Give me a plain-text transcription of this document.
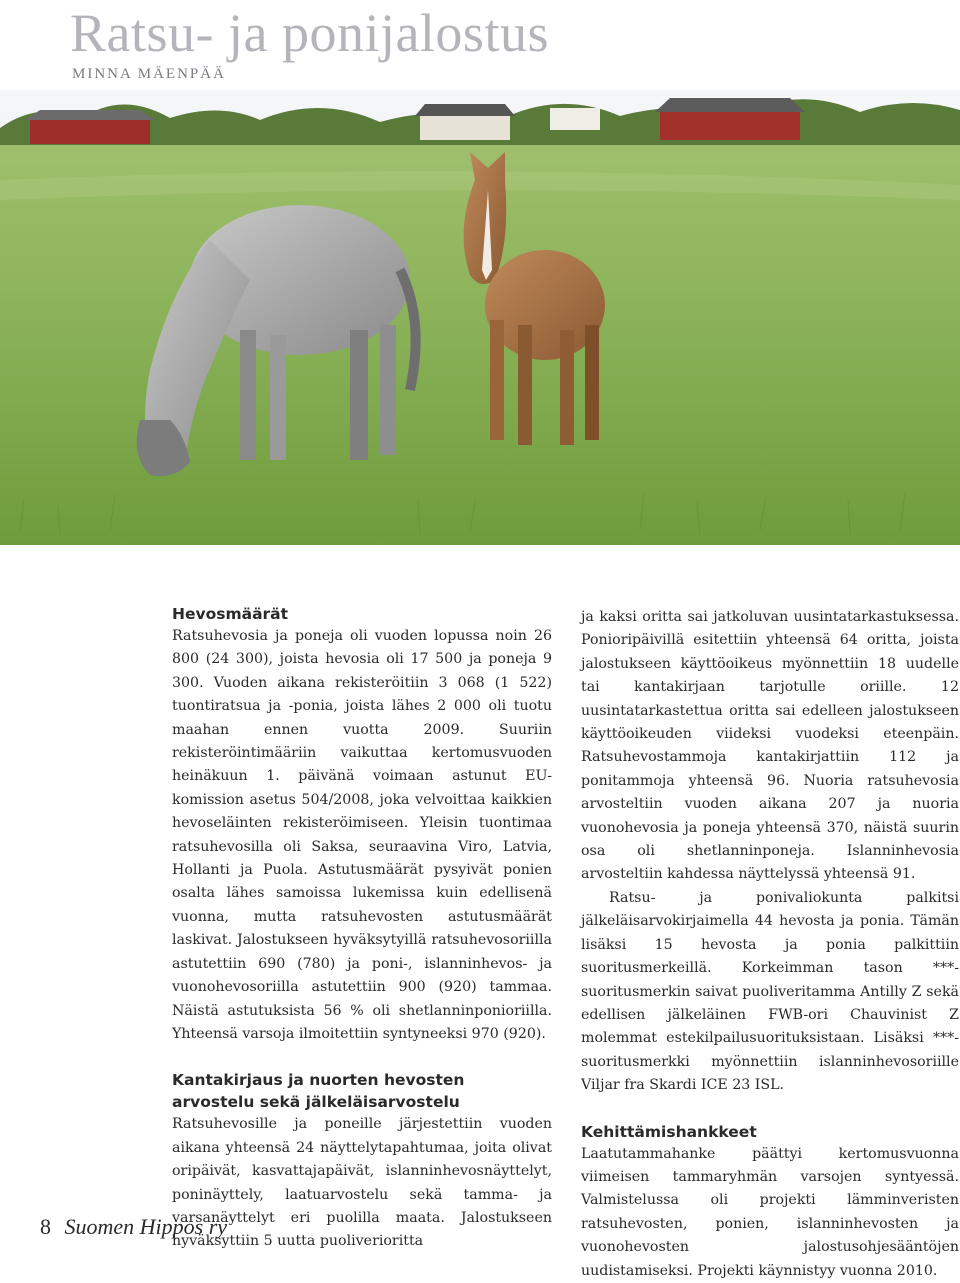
Ratsu- ja ponijalostus
MINNA MÄENPÄÄ
Hevosmäärät

Ratsuhevosia ja poneja oli vuoden lopussa noin 26 800 (24 300), joista hevosia oli 17 500 ja poneja 9 300. Vuoden aikana rekisteröitiin 3 068 (1 522) tuontiratsua ja -ponia, joista lähes 2 000 oli tuotu maahan ennen vuotta 2009. Suuriin rekisteröintimääriin vaikuttaa kertomusvuoden heinäkuun 1. päivänä voimaan astunut EU-komission asetus 504/2008, joka velvoittaa kaikkien hevoseläinten rekisteröimiseen. Yleisin tuontimaa ratsuhevosilla oli Saksa, seuraavina Viro, Latvia, Hollanti ja Puola. Astutusmäärät pysyivät ponien osalta lähes samoissa lukemissa kuin edellisenä vuonna, mutta ratsuhevosten astutusmäärät laskivat. Jalostukseen hyväksytyillä ratsuhevosoriilla astutettiin 690 (780) ja poni-, islanninhevos- ja vuonohevosoriilla astutettiin 900 (920) tammaa. Näistä astutuksista 56 % oli shetlanninponioriilla. Yhteensä varsoja ilmoitettiin syntyneeksi 970 (920).

Kantakirjaus ja nuorten hevosten arvostelu sekä jälkeläisarvostelu

Ratsuhevosille ja poneille järjestettiin vuoden aikana yhteensä 24 näyttelytapahtumaa, joita olivat oripäivät, kasvattajapäivät, islanninhevosnäyttelyt, poninäyttely, laatuarvostelu sekä tamma- ja varsanäyttelyt eri puolilla maata. Jalostukseen hyväksyttiin 5 uutta puoliverioritta

ja kaksi oritta sai jatkoluvan uusintatarkastuksessa. Ponioripäivillä esitettiin yhteensä 64 oritta, joista jalostukseen käyttöoikeus myönnettiin 18 uudelle tai kantakirjaan tarjotulle oriille. 12 uusintatarkastettua oritta sai edelleen jalostukseen käyttöoikeuden viideksi vuodeksi eteenpäin. Ratsuhevostammoja kantakirjattiin 112 ja ponitammoja yhteensä 96. Nuoria ratsuhevosia arvosteltiin vuoden aikana 207 ja nuoria vuonohevosia ja poneja yhteensä 370, näistä suurin osa oli shetlanninponeja. Islanninhevosia arvosteltiin kahdessa näyttelyssä yhteensä 91.

Ratsu- ja ponivaliokunta palkitsi jälkeläisarvokirjaimella 44 hevosta ja ponia. Tämän lisäksi 15 hevosta ja ponia palkittiin suoritusmerkeillä. Korkeimman tason ***-suoritusmerkin saivat puoliveritamma Antilly Z sekä edellisen jälkeläinen FWB-ori Chauvinist Z molemmat estekilpailusuorituksistaan. Lisäksi ***-suoritusmerkki myönnettiin islanninhevosoriille Viljar fra Skardi ICE 23 ISL.

Kehittämishankkeet

Laatutammahanke päättyi kertomusvuonna viimeisen tammaryhmän varsojen syntyessä. Valmistelussa oli projekti lämminveristen ratsuhevosten, ponien, islanninhevosten ja vuonohevosten jalostusohjesääntöjen uudistamiseksi. Projekti käynnistyy vuonna 2010.

8 Suomen Hippos ry
